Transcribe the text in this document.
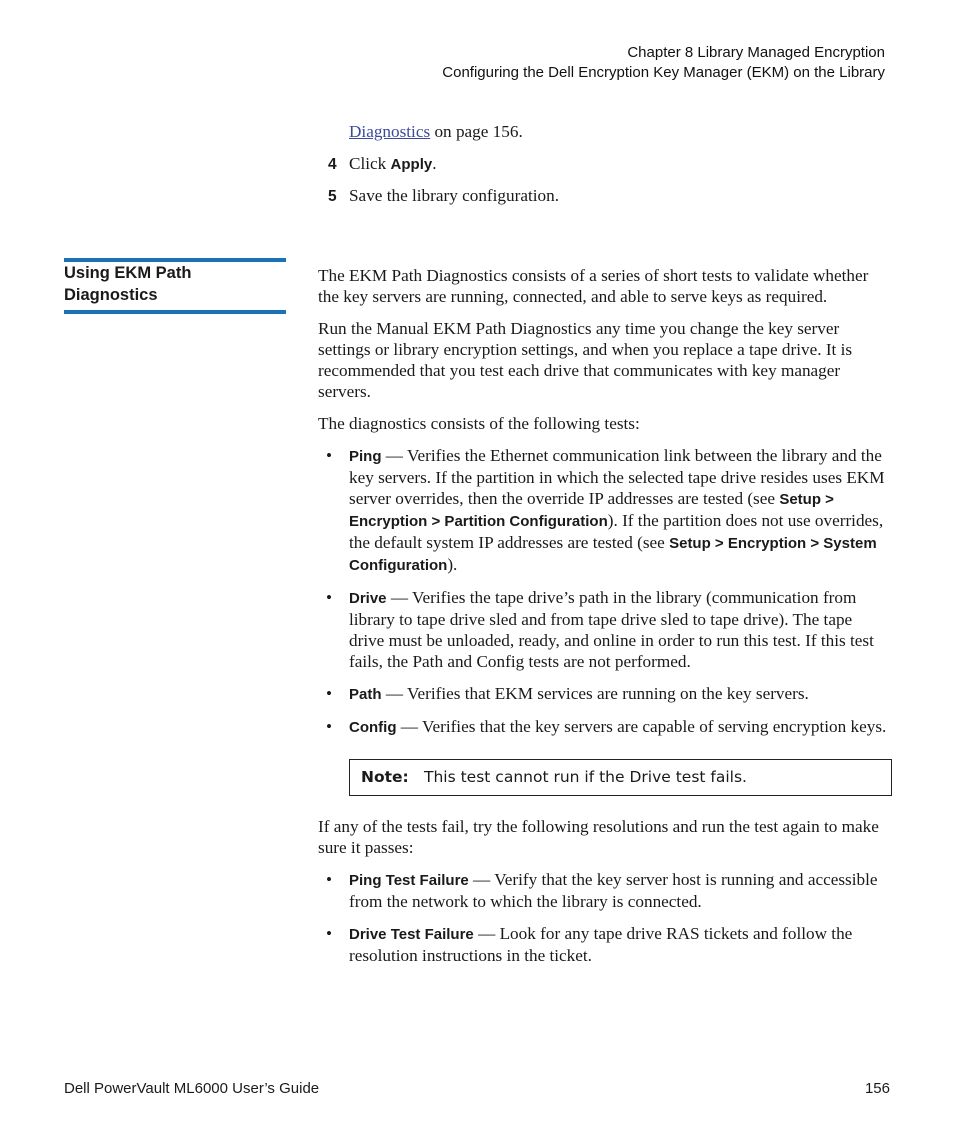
Chapter 8 Library Managed Encryption
Configuring the Dell Encryption Key Manager (EKM) on the Library
Diagnostics on page 156.
4 Click Apply.
5 Save the library configuration.
Using EKM Path Diagnostics

The EKM Path Diagnostics consists of a series of short tests to validate whether the key servers are running, connected, and able to serve keys as required.

Run the Manual EKM Path Diagnostics any time you change the key server settings or library encryption settings, and when you replace a tape drive. It is recommended that you test each drive that communicates with key manager servers.

The diagnostics consists of the following tests:

• Ping — Verifies the Ethernet communication link between the library and the key servers. If the partition in which the selected tape drive resides uses EKM server overrides, then the override IP addresses are tested (see Setup > Encryption > Partition Configuration). If the partition does not use overrides, the default system IP addresses are tested (see Setup > Encryption > System Configuration).
• Drive — Verifies the tape drive’s path in the library (communication from library to tape drive sled and from tape drive sled to tape drive). The tape drive must be unloaded, ready, and online in order to run this test. If this test fails, the Path and Config tests are not performed.
• Path — Verifies that EKM services are running on the key servers.
• Config — Verifies that the key servers are capable of serving encryption keys.
Note: This test cannot run if the Drive test fails.

If any of the tests fail, try the following resolutions and run the test again to make sure it passes:

• Ping Test Failure — Verify that the key server host is running and accessible from the network to which the library is connected.
• Drive Test Failure — Look for any tape drive RAS tickets and follow the resolution instructions in the ticket.
Dell PowerVault ML6000 User’s Guide	156
